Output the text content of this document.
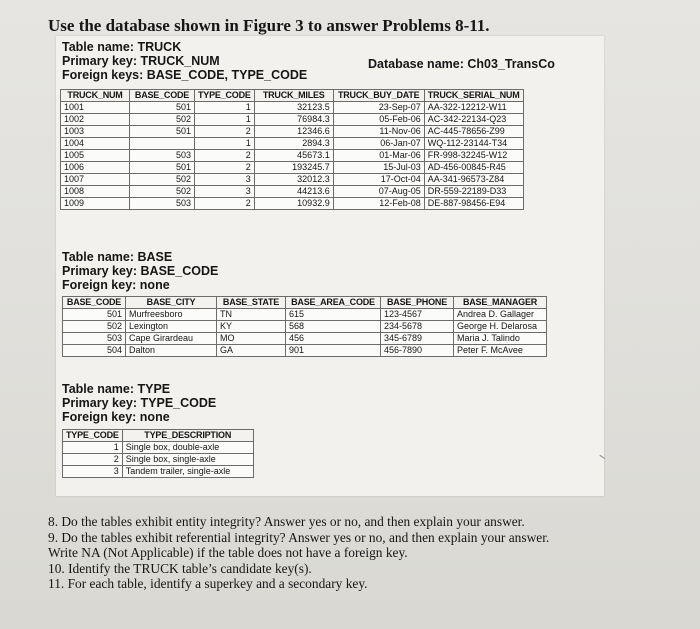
Use the database shown in Figure 3 to answer Problems 8-11.
Table name: TRUCK
Primary key: TRUCK_NUM
Foreign keys: BASE_CODE, TYPE_CODE
Database name: Ch03_TransCo
TRUCK_NUM	BASE_CODE	TYPE_CODE	TRUCK_MILES	TRUCK_BUY_DATE	TRUCK_SERIAL_NUM
1001	501	1	32123.5	23-Sep-07	AA-322-12212-W11
1002	502	1	76984.3	05-Feb-06	AC-342-22134-Q23
1003	501	2	12346.6	11-Nov-06	AC-445-78656-Z99
1004		1	2894.3	06-Jan-07	WQ-112-23144-T34
1005	503	2	45673.1	01-Mar-06	FR-998-32245-W12
1006	501	2	193245.7	15-Jul-03	AD-456-00845-R45
1007	502	3	32012.3	17-Oct-04	AA-341-96573-Z84
1008	502	3	44213.6	07-Aug-05	DR-559-22189-D33
1009	503	2	10932.9	12-Feb-08	DE-887-98456-E94
Table name: BASE
Primary key: BASE_CODE
Foreign key: none
BASE_CODE	BASE_CITY	BASE_STATE	BASE_AREA_CODE	BASE_PHONE	BASE_MANAGER
501	Murfreesboro	TN	615	123-4567	Andrea D. Gallager
502	Lexington	KY	568	234-5678	George H. Delarosa
503	Cape Girardeau	MO	456	345-6789	Maria J. Talindo
504	Dalton	GA	901	456-7890	Peter F. McAvee
Table name: TYPE
Primary key: TYPE_CODE
Foreign key: none
TYPE_CODE	TYPE_DESCRIPTION
1	Single box, double-axle
2	Single box, single-axle
3	Tandem trailer, single-axle
8. Do the tables exhibit entity integrity? Answer yes or no, and then explain your answer.
9. Do the tables exhibit referential integrity? Answer yes or no, and then explain your answer.
Write NA (Not Applicable) if the table does not have a foreign key.
10. Identify the TRUCK table’s candidate key(s).
11. For each table, identify a superkey and a secondary key.
